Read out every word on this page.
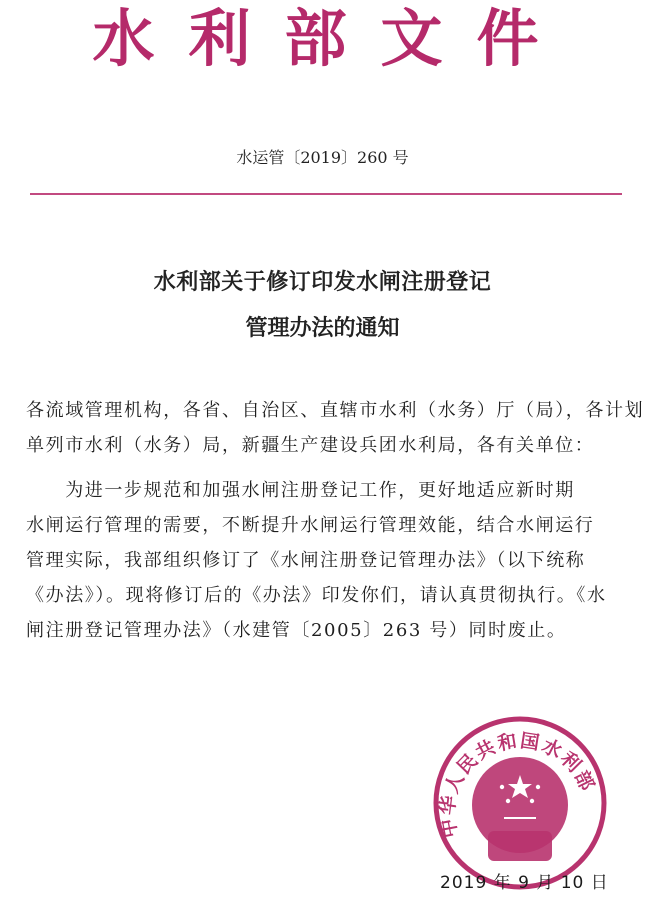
水利部文件
水运管〔2019〕260 号
水利部关于修订印发水闸注册登记
管理办法的通知
各流域管理机构，各省、自治区、直辖市水利（水务）厅（局），各计划
单列市水利（水务）局，新疆生产建设兵团水利局，各有关单位：
　　为进一步规范和加强水闸注册登记工作，更好地适应新时期
水闸运行管理的需要，不断提升水闸运行管理效能，结合水闸运行
管理实际，我部组织修订了《水闸注册登记管理办法》（以下统称
《办法》）。现将修订后的《办法》印发你们，请认真贯彻执行。《水
闸注册登记管理办法》（水建管〔2005〕263 号）同时废止。
中华人民共和国水利部
2019 年 9 月 10 日
